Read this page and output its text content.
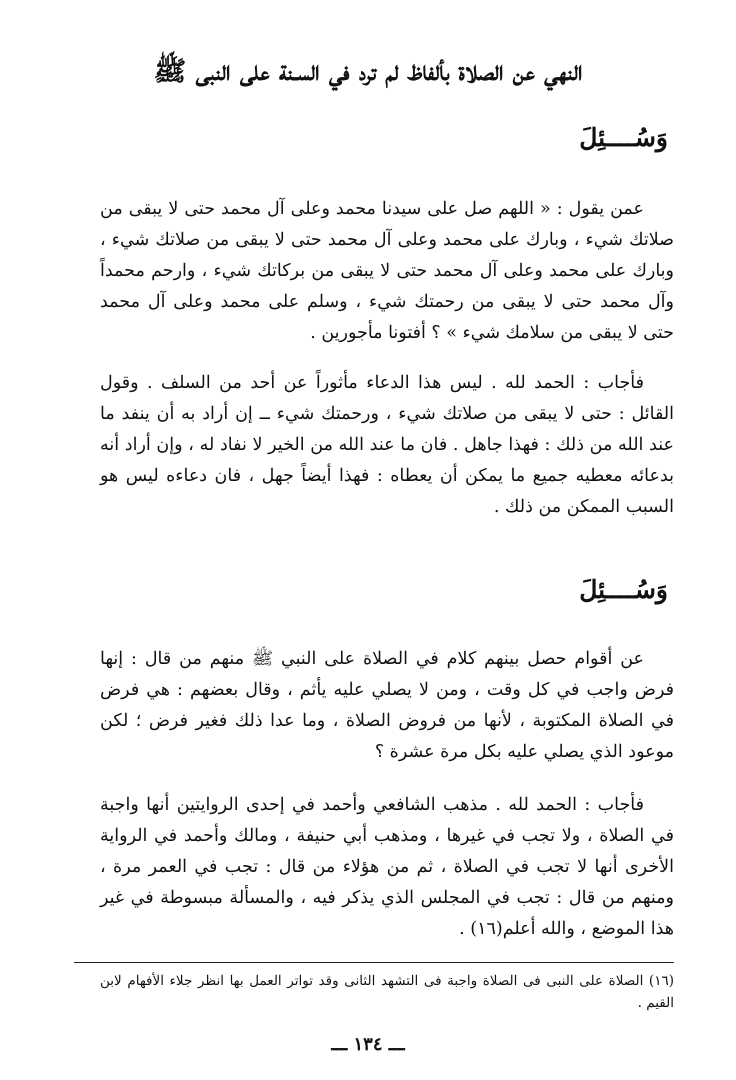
النهي عن الصلاة بألفاظ لم ترد في السـنة على النبى ﷺ
وَسُــــئِلَ
عمن يقول : « اللهم صل على سيدنا محمد وعلى آل محمد حتى لا يبقى من صلاتك شيء ، وبارك على محمد وعلى آل محمد حتى لا يبقى من صلاتك شيء ، وبارك على محمد وعلى آل محمد حتى لا يبقى من بركاتك شيء ، وارحم محمداً وآل محمد حتى لا يبقى من رحمتك شيء ، وسلم على محمد وعلى آل محمد حتى لا يبقى من سلامك شيء » ؟ أفتونا مأجورين .
فأجاب : الحمد لله . ليس هذا الدعاء مأثوراً عن أحد من السلف . وقول القائل : حتى لا يبقى من صلاتك شيء ، ورحمتك شيء ــ إن أراد به أن ينفد ما عند الله من ذلك : فهذا جاهل . فان ما عند الله من الخير لا نفاد له ، وإن أراد أنه بدعائه معطيه جميع ما يمكن أن يعطاه : فهذا أيضاً جهل ، فان دعاءه ليس هو السبب الممكن من ذلك .
وَسُــــئِلَ
عن أقوام حصل بينهم كلام في الصلاة على النبي ﷺ منهم من قال : إنها فرض واجب في كل وقت ، ومن لا يصلي عليه يأثم ، وقال بعضهم : هي فرض في الصلاة المكتوبة ، لأنها من فروض الصلاة ، وما عدا ذلك فغير فرض ؛ لكن موعود الذي يصلي عليه بكل مرة عشرة ؟
فأجاب : الحمد لله . مذهب الشافعي وأحمد في إحدى الروايتين أنها واجبة في الصلاة ، ولا تجب في غيرها ، ومذهب أبي حنيفة ، ومالك وأحمد في الرواية الأخرى أنها لا تجب في الصلاة ، ثم من هؤلاء من قال : تجب في العمر مرة ، ومنهم من قال : تجب في المجلس الذي يذكر فيه ، والمسألة مبسوطة في غير هذا الموضع ، والله أعلم(١٦) .
(١٦) الصلاة على النبى فى الصلاة واجبة فى التشهد الثانى وقد تواتر العمل بها انظر جلاء الأفهام لابن القيم .
ـــ ١٣٤ ـــ
